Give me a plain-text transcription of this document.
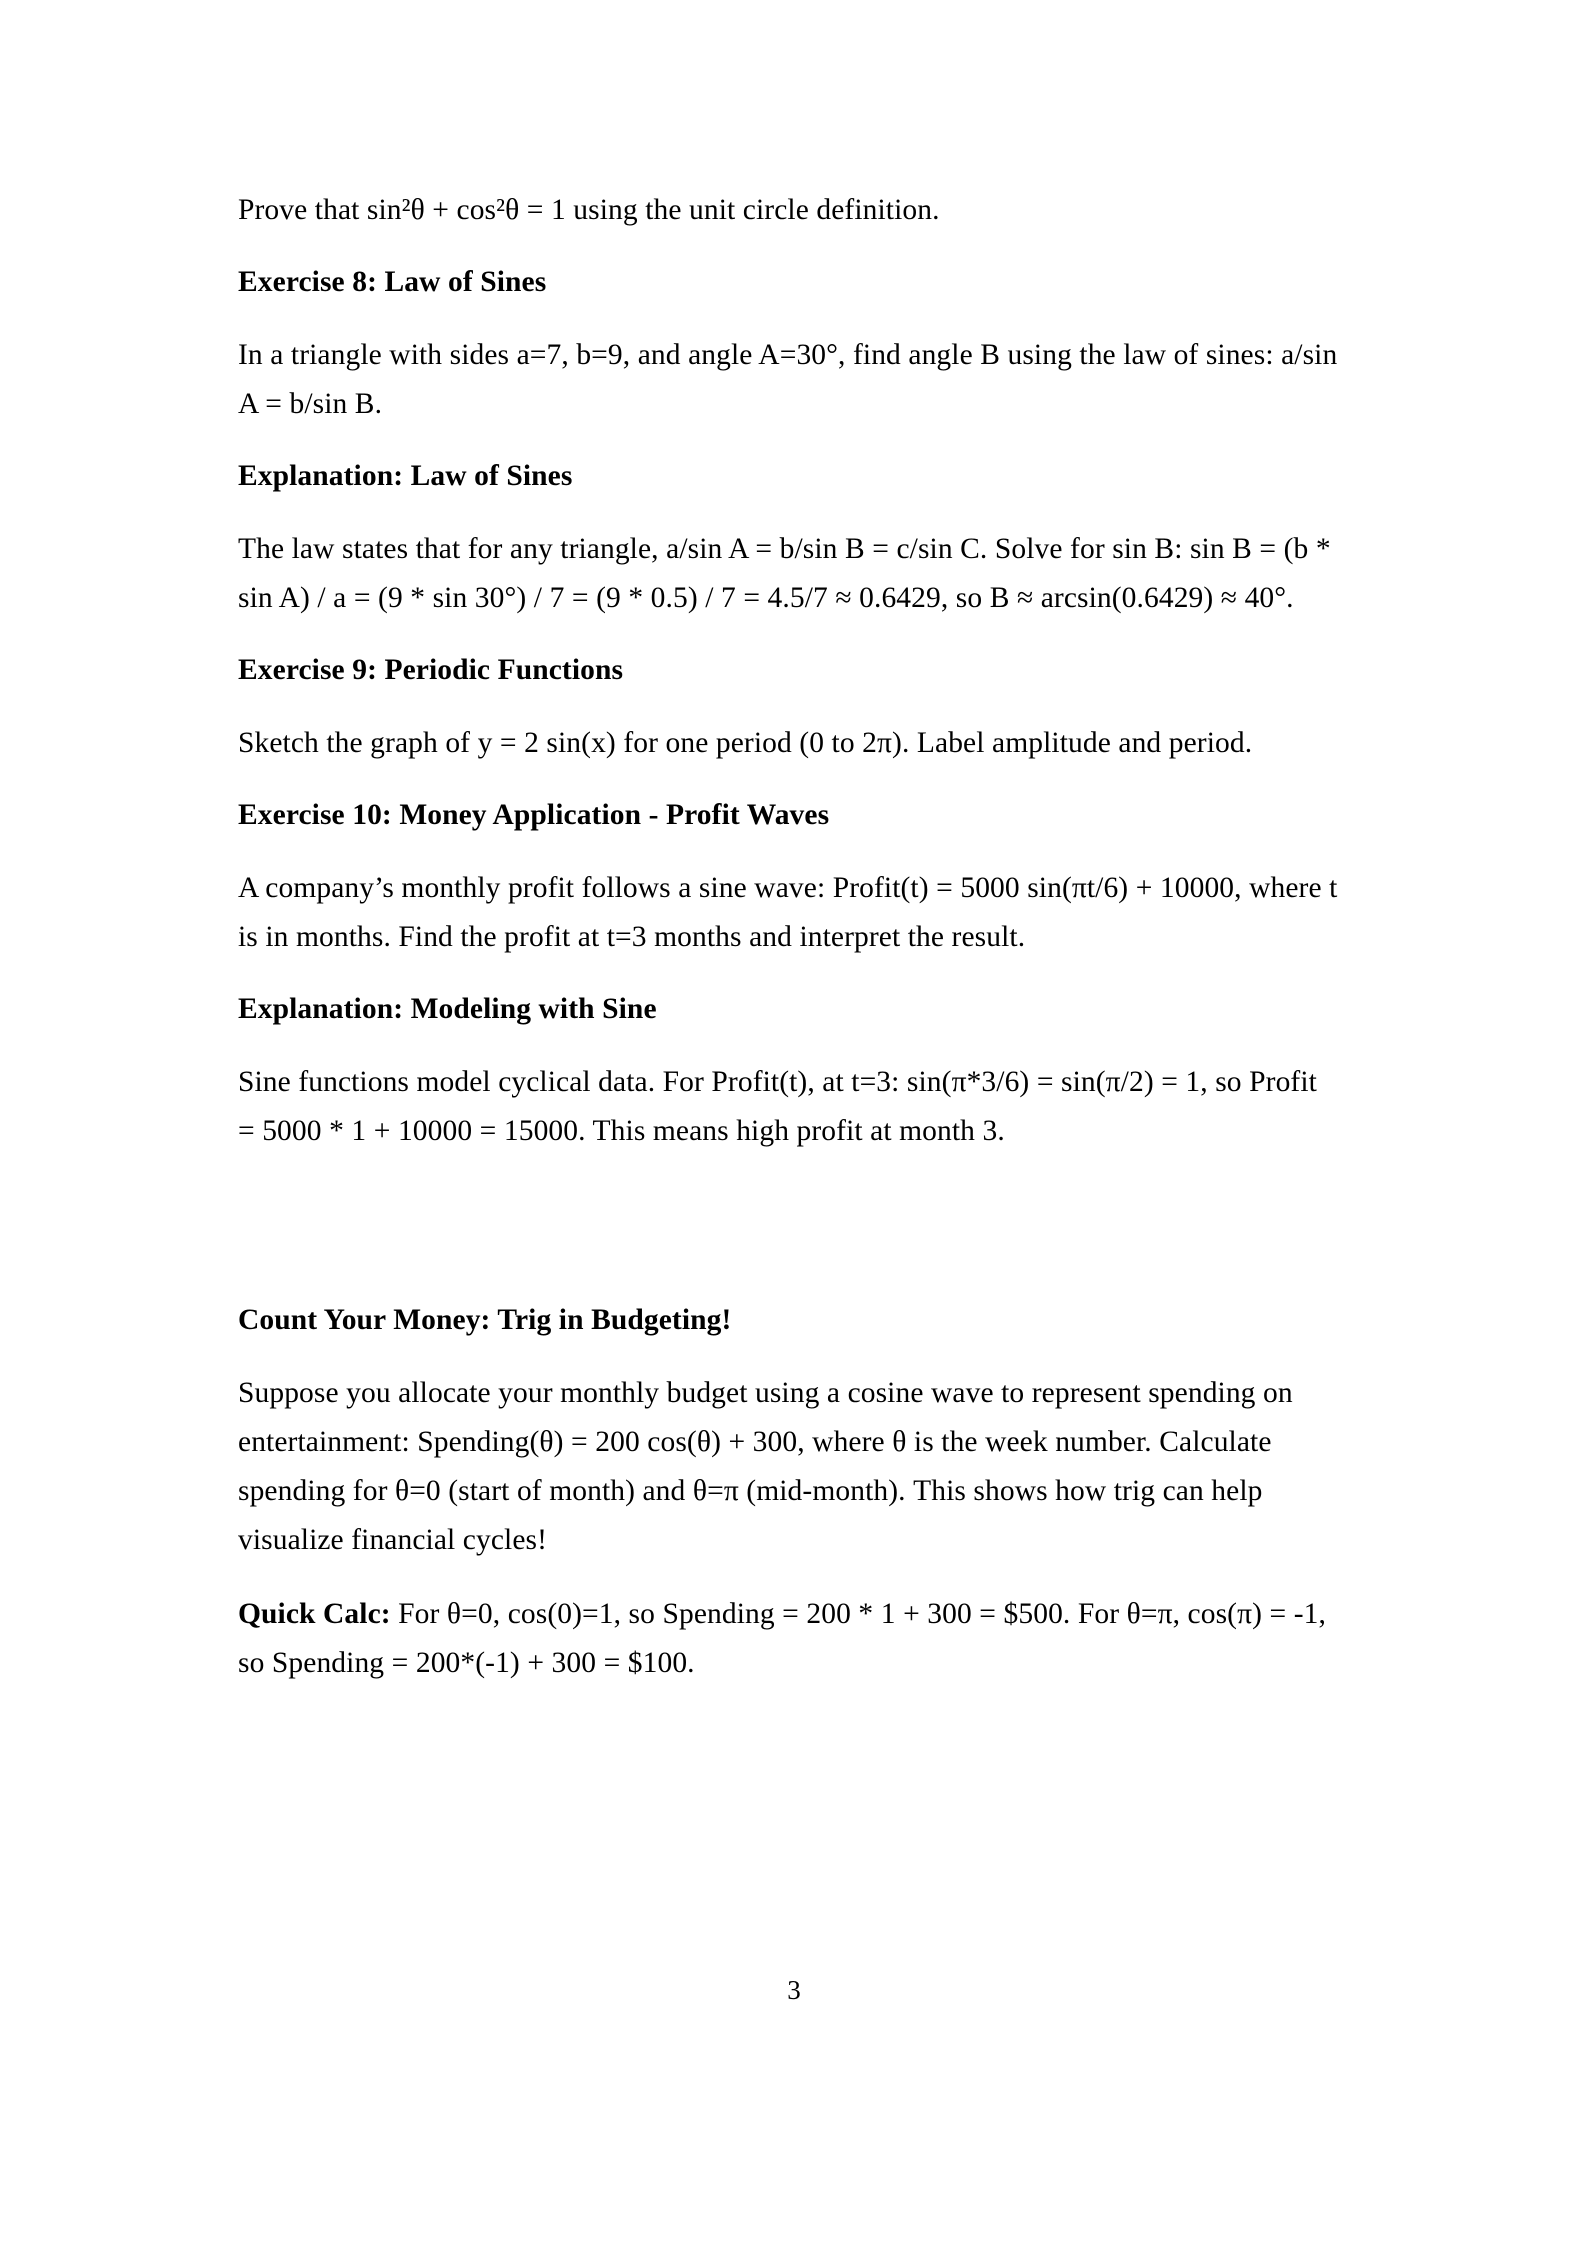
Prove that sin²θ + cos²θ = 1 using the unit circle definition.

Exercise 8: Law of Sines

In a triangle with sides a=7, b=9, and angle A=30°, find angle B using the law of sines: a/sin A = b/sin B.

Explanation: Law of Sines

The law states that for any triangle, a/sin A = b/sin B = c/sin C. Solve for sin B: sin B = (b * sin A) / a = (9 * sin 30°) / 7 = (9 * 0.5) / 7 = 4.5/7 ≈ 0.6429, so B ≈ arcsin(0.6429) ≈ 40°.

Exercise 9: Periodic Functions

Sketch the graph of y = 2 sin(x) for one period (0 to 2π). Label amplitude and period.

Exercise 10: Money Application - Profit Waves

A company’s monthly profit follows a sine wave: Profit(t) = 5000 sin(πt/6) + 10000, where t is in months. Find the profit at t=3 months and interpret the result.

Explanation: Modeling with Sine

Sine functions model cyclical data. For Profit(t), at t=3: sin(π*3/6) = sin(π/2) = 1, so Profit = 5000 * 1 + 10000 = 15000. This means high profit at month 3.

Count Your Money: Trig in Budgeting!

Suppose you allocate your monthly budget using a cosine wave to represent spending on entertainment: Spending(θ) = 200 cos(θ) + 300, where θ is the week number. Calculate spending for θ=0 (start of month) and θ=π (mid-month). This shows how trig can help visualize financial cycles!

Quick Calc: For θ=0, cos(0)=1, so Spending = 200 * 1 + 300 = $500. For θ=π, cos(π) = -1, so Spending = 200*(-1) + 300 = $100.

3
